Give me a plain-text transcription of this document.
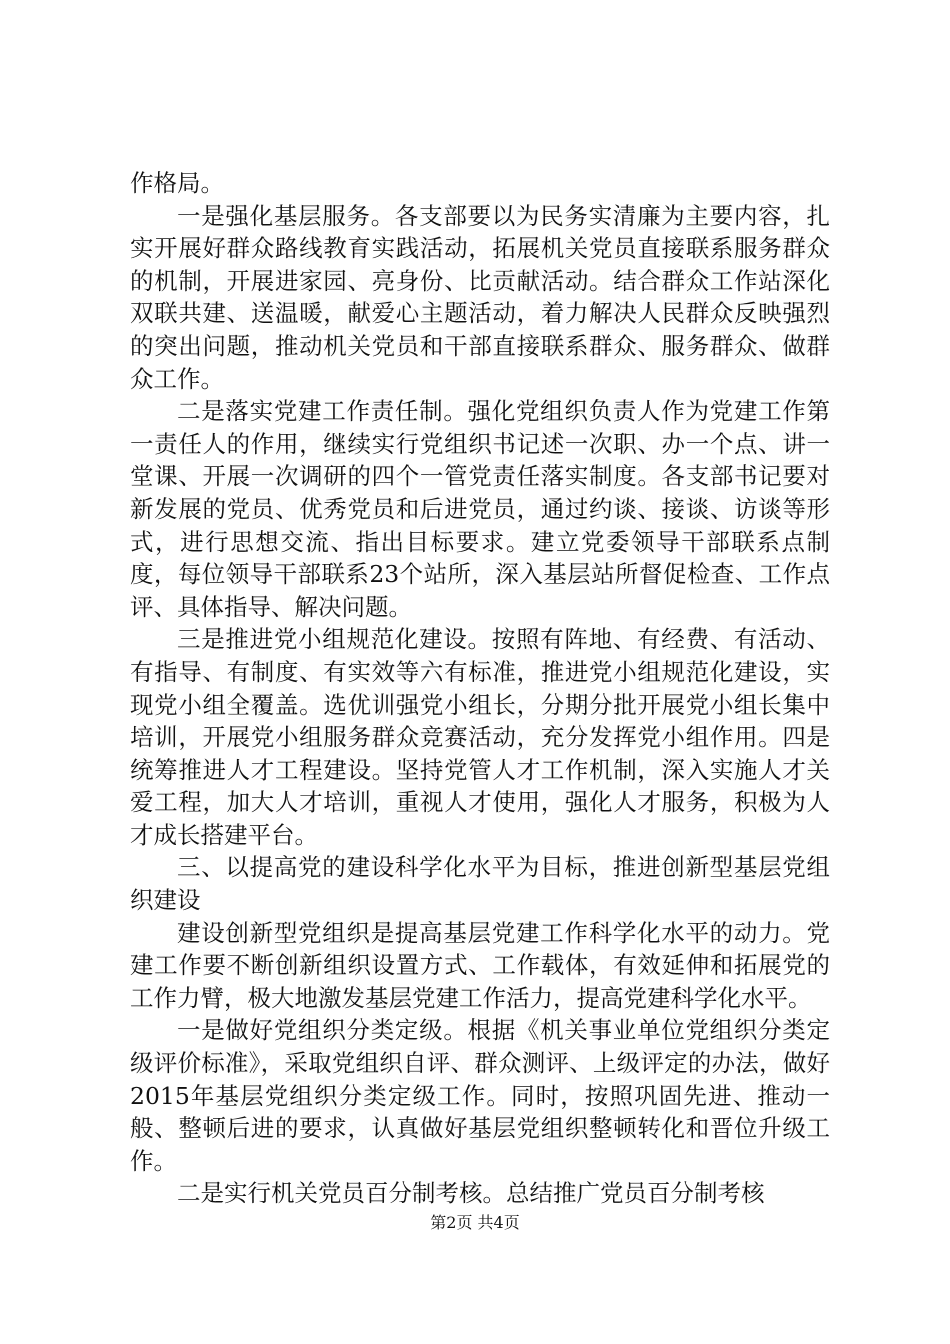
作格局。

一是强化基层服务。各支部要以为民务实清廉为主要内容，扎实开展好群众路线教育实践活动，拓展机关党员直接联系服务群众的机制，开展进家园、亮身份、比贡献活动。结合群众工作站深化双联共建、送温暖，献爱心主题活动，着力解决人民群众反映强烈的突出问题，推动机关党员和干部直接联系群众、服务群众、做群众工作。

二是落实党建工作责任制。强化党组织负责人作为党建工作第一责任人的作用，继续实行党组织书记述一次职、办一个点、讲一堂课、开展一次调研的四个一管党责任落实制度。各支部书记要对新发展的党员、优秀党员和后进党员，通过约谈、接谈、访谈等形式，进行思想交流、指出目标要求。建立党委领导干部联系点制度，每位领导干部联系23个站所，深入基层站所督促检查、工作点评、具体指导、解决问题。

三是推进党小组规范化建设。按照有阵地、有经费、有活动、有指导、有制度、有实效等六有标准，推进党小组规范化建设，实现党小组全覆盖。选优训强党小组长，分期分批开展党小组长集中培训，开展党小组服务群众竞赛活动，充分发挥党小组作用。四是统筹推进人才工程建设。坚持党管人才工作机制，深入实施人才关爱工程，加大人才培训，重视人才使用，强化人才服务，积极为人才成长搭建平台。

三、以提高党的建设科学化水平为目标，推进创新型基层党组织建设

建设创新型党组织是提高基层党建工作科学化水平的动力。党建工作要不断创新组织设置方式、工作载体，有效延伸和拓展党的工作力臂，极大地激发基层党建工作活力，提高党建科学化水平。

一是做好党组织分类定级。根据《机关事业单位党组织分类定级评价标准》，采取党组织自评、群众测评、上级评定的办法，做好2015年基层党组织分类定级工作。同时，按照巩固先进、推动一般、整顿后进的要求，认真做好基层党组织整顿转化和晋位升级工作。

二是实行机关党员百分制考核。总结推广党员百分制考核

第2页 共4页
